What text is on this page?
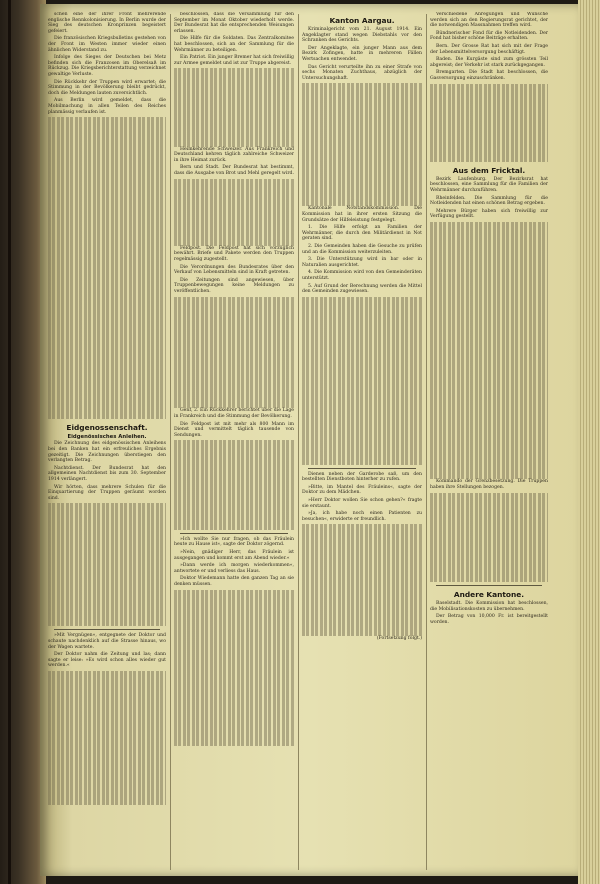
schen eine der ihrer Front mehrerende englische Rennkolonisierung. In Berlin wurde der Sieg des deutschen Kronprinzen begeistert gefeiert.

Die französischen Kriegsbulletins gestehen von der Front im Westen immer wieder einen ähnlichen Widerstand zu.

Infolge des Sieges der Deutschen bei Metz befinden sich die Franzosen im Oberelsaß im Rückzug. Die Kriegsberichterstattung verzeichnet gewaltige Verluste.

Die Rückkehr der Truppen wird erwartet; die Stimmung in der Bevölkerung bleibt gedrückt, doch die Meldungen lauten zuversichtlich.

Aus Berlin wird gemeldet, dass die Mobilmachung in allen Teilen des Reiches planmässig verlaufen ist.

Eidgenossenschaft.
Eidgenössisches Anleihen.

Die Zeichnung des eidgenössischen Anleihens bei den Banken hat ein erfreuliches Ergebnis gezeitigt. Die Zeichnungen überstiegen den verlangten Betrag.

Nachtdienst. Der Bundesrat hat den allgemeinen Nachtdienst bis zum 30. September 1914 verlängert.

Wir hörten, dass mehrere Schulen für die Einquartierung der Truppen geräumt worden sind.

»Mit Vergnügen«, entgegnete der Doktor und schaute nachdenklich auf die Strasse hinaus, wo der Wagen wartete.

Der Doktor nahm die Zeitung und las; dann sagte er leise: »Es wird schon alles wieder gut werden.«

beschlossen, dass die Versammlung für den September im Monat Oktober wiederholt werde. Der Bundesrat hat die entsprechenden Weisungen erlassen.

Die Hilfe für die Soldaten. Das Zentralkomitee hat beschlossen, sich an der Sammlung für die Wehrmänner zu beteiligen.

Ein Patriot. Ein junger Bremer hat sich freiwillig zur Armee gemeldet und ist zur Truppe abgereist.

Heimkehrende Schweizer. Aus Frankreich und Deutschland kehren täglich zahlreiche Schweizer in ihre Heimat zurück.

Bern und Stadt. Der Bundesrat hat bestimmt, dass die Ausgabe von Brot und Mehl geregelt wird.

Feldpost. Die Feldpost hat sich vorzüglich bewährt. Briefe und Pakete werden den Truppen regelmässig zugestellt.

Die Verordnungen des Bundesrates über den Verkauf von Lebensmitteln sind in Kraft getreten.

Die Zeitungen sind angewiesen, über Truppenbewegungen keine Meldungen zu veröffentlichen.

Genf, 2. Ein Rückkehrer berichtet über die Lage in Frankreich und die Stimmung der Bevölkerung.

Die Feldpost ist mit mehr als 800 Mann im Dienst und vermittelt täglich tausende von Sendungen.

»Ich wollte Sie nur fragen, ob das Fräulein heute zu Hause ist«, sagte der Doktor zögernd.

»Nein, gnädiger Herr, das Fräulein ist ausgegangen und kommt erst am Abend wieder.«

»Dann werde ich morgen wiederkommen«, antwortete er und verliess das Haus.

Doktor Wiedemann hatte den ganzen Tag an sie denken müssen.

Kanton Aargau.

Kriminalgericht vom 21. August 1914. Ein Angeklagter stand wegen Diebstahls vor den Schranken des Gerichts.

Der Angeklagte, ein junger Mann aus dem Bezirk Zofingen, hatte in mehreren Fällen Wertsachen entwendet.

Das Gericht verurteilte ihn zu einer Strafe von sechs Monaten Zuchthaus, abzüglich der Untersuchungshaft.

Kantonale Notstandskommission. Die Kommission hat in ihrer ersten Sitzung die Grundsätze der Hilfeleistung festgelegt.

1. Die Hilfe erfolgt an Familien der Wehrmänner, die durch den Militärdienst in Not geraten sind.

2. Die Gemeinden haben die Gesuche zu prüfen und an die Kommission weiterzuleiten.

3. Die Unterstützung wird in bar oder in Naturalien ausgerichtet.

4. Die Kommission wird von den Gemeinderäten unterstützt.

5. Auf Grund der Berechnung werden die Mittel den Gemeinden zugewiesen.

Dienen neben der Garderobe saß, um den bestellten Dienstboten hinterher zu rufen.

»Bitte, im Mantel des Fräuleins«, sagte der Doktor zu dem Mädchen.

»Herr Doktor wollen Sie schon gehen?« fragte sie erstaunt.

»Ja, ich habe noch einen Patienten zu besuchen«, erwiderte er freundlich.

(Fortsetzung folgt.)

Verschiedene Anregungen und Wünsche werden sich an den Regierungsrat gerichtet, der die notwendigen Massnahmen treffen wird.

Bündnerischer Fond für die Notleidenden. Der Fond hat bisher schöne Beiträge erhalten.

Bern. Der Grosse Rat hat sich mit der Frage der Lebensmittelversorgung beschäftigt.

Baden. Die Kurgäste sind zum grössten Teil abgereist; der Verkehr ist stark zurückgegangen.

Bremgarten. Die Stadt hat beschlossen, die Gasversorgung einzuschränken.

Aus dem Fricktal.

Bezirk Laufenburg. Der Bezirksrat hat beschlossen, eine Sammlung für die Familien der Wehrmänner durchzuführen.

Rheinfelden. Die Sammlung für die Notleidenden hat einen schönen Betrag ergeben.

Mehrere Bürger haben sich freiwillig zur Verfügung gestellt.

Kommando der Grenzbesetzung. Die Truppen haben ihre Stellungen bezogen.

Andere Kantone.

Baselstadt. Die Kommission hat beschlossen, die Mobilisationskosten zu übernehmen.

Der Betrag von 10,000 Fr. ist bereitgestellt worden.
